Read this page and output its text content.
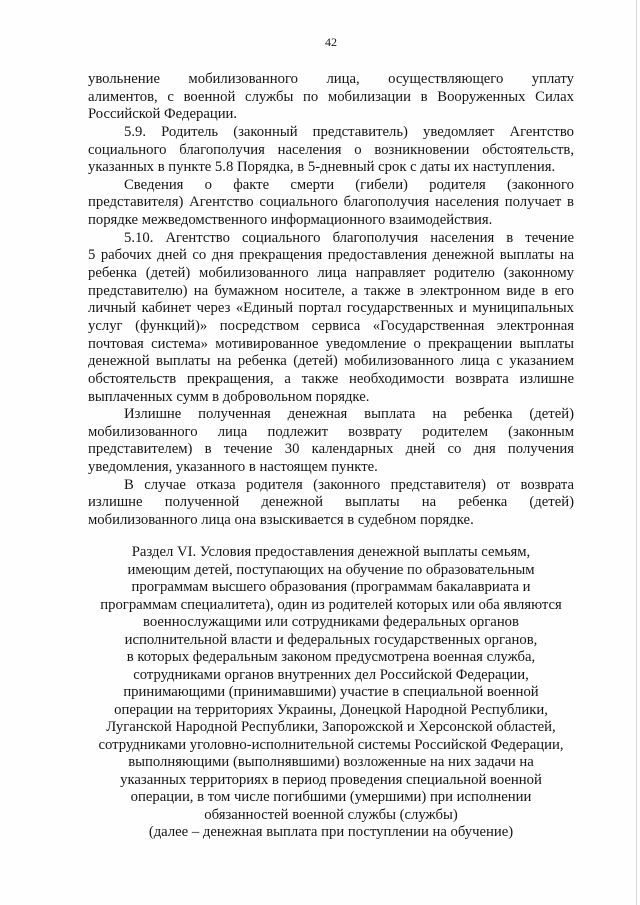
42
увольнение мобилизованного лица, осуществляющего уплату
алиментов, с военной службы по мобилизации в Вооруженных Силах
Российской Федерации.
5.9. Родитель (законный представитель) уведомляет Агентство
социального благополучия населения о возникновении обстоятельств,
указанных в пункте 5.8 Порядка, в 5-дневный срок с даты их наступления.
Сведения о факте смерти (гибели) родителя (законного
представителя) Агентство социального благополучия населения получает в
порядке межведомственного информационного взаимодействия.
5.10. Агентство социального благополучия населения в течение
5 рабочих дней со дня прекращения предоставления денежной выплаты на
ребенка (детей) мобилизованного лица направляет родителю (законному
представителю) на бумажном носителе, а также в электронном виде в его
личный кабинет через «Единый портал государственных и муниципальных
услуг (функций)» посредством сервиса «Государственная электронная
почтовая система» мотивированное уведомление о прекращении выплаты
денежной выплаты на ребенка (детей) мобилизованного лица с указанием
обстоятельств прекращения, а также необходимости возврата излишне
выплаченных сумм в добровольном порядке.
Излишне полученная денежная выплата на ребенка (детей)
мобилизованного лица подлежит возврату родителем (законным
представителем) в течение 30 календарных дней со дня получения
уведомления, указанного в настоящем пункте.
В случае отказа родителя (законного представителя) от возврата
излишне полученной денежной выплаты на ребенка (детей)
мобилизованного лица она взыскивается в судебном порядке.
Раздел VI. Условия предоставления денежной выплаты семьям,
имеющим детей, поступающих на обучение по образовательным
программам высшего образования (программам бакалавриата и
программам специалитета), один из родителей которых или оба являются
военнослужащими или сотрудниками федеральных органов
исполнительной власти и федеральных государственных органов,
в которых федеральным законом предусмотрена военная служба,
сотрудниками органов внутренних дел Российской Федерации,
принимающими (принимавшими) участие в специальной военной
операции на территориях Украины, Донецкой Народной Республики,
Луганской Народной Республики, Запорожской и Херсонской областей,
сотрудниками уголовно-исполнительной системы Российской Федерации,
выполняющими (выполнявшими) возложенные на них задачи на
указанных территориях в период проведения специальной военной
операции, в том числе погибшими (умершими) при исполнении
обязанностей военной службы (службы)
(далее – денежная выплата при поступлении на обучение)
